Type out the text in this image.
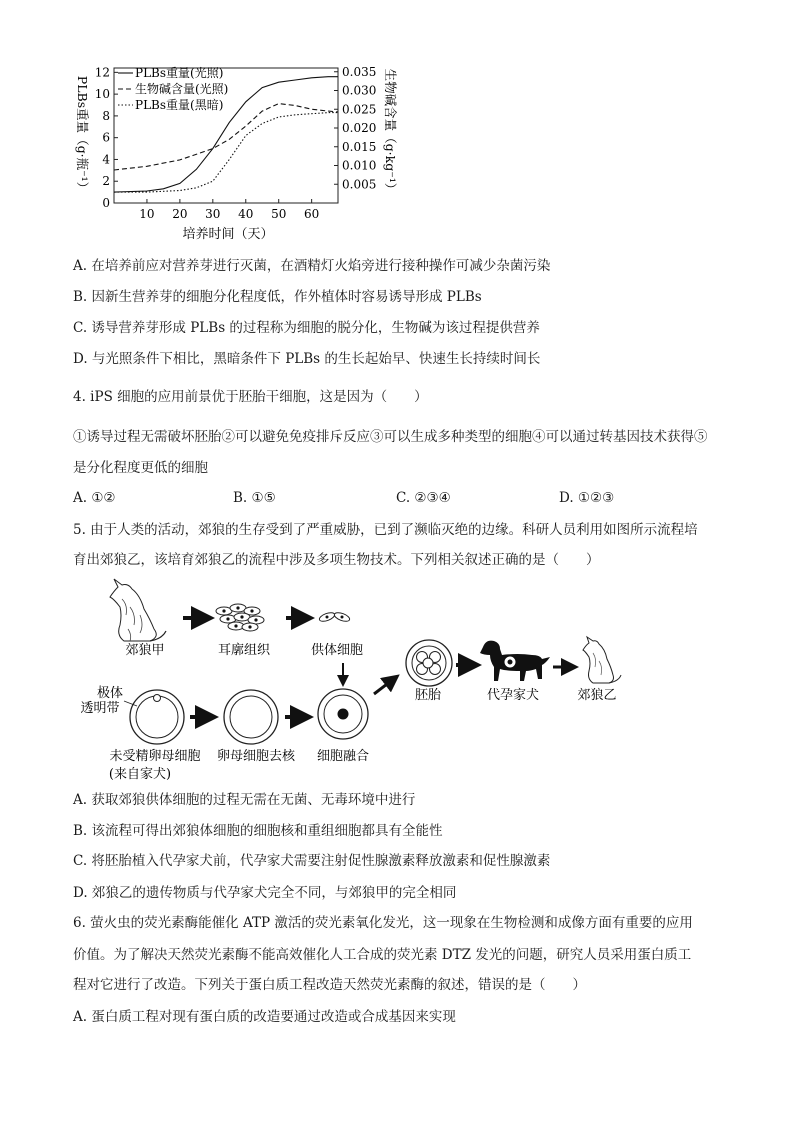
10 20 30 40 50 60
0
2
4
6
8
10
12
0.005
0.010
0.015
0.020
0.025
0.030
0.035
PLBs重量(光照)
生物碱含量(光照)
PLBs重量(黑暗)
培养时间（天）
PLBs重量（g·瓶⁻¹）	生物碱含量（g·kg⁻¹）
A. 在培养前应对营养芽进行灭菌，在酒精灯火焰旁进行接种操作可减少杂菌污染
B. 因新生营养芽的细胞分化程度低，作外植体时容易诱导形成 PLBs
C. 诱导营养芽形成 PLBs 的过程称为细胞的脱分化，生物碱为该过程提供营养
D. 与光照条件下相比，黑暗条件下 PLBs 的生长起始早、快速生长持续时间长
4. iPS 细胞的应用前景优于胚胎干细胞，这是因为（　　）
①诱导过程无需破坏胚胎②可以避免免疫排斥反应③可以生成多种类型的细胞④可以通过转基因技术获得⑤
是分化程度更低的细胞
A. ①②	B. ①⑤	C. ②③④	D. ①②③
5. 由于人类的活动，郊狼的生存受到了严重威胁，已到了濒临灭绝的边缘。科研人员利用如图所示流程培
育出郊狼乙，该培育郊狼乙的流程中涉及多项生物技术。下列相关叙述正确的是（　　）
郊狼甲	耳廓组织	供体细胞
极体
透明带
未受精卵母细胞
(来自家犬)
卵母细胞去核 细胞融合
胚胎	代孕家犬	郊狼乙
A. 获取郊狼供体细胞的过程无需在无菌、无毒环境中进行
B. 该流程可得出郊狼体细胞的细胞核和重组细胞都具有全能性
C. 将胚胎植入代孕家犬前，代孕家犬需要注射促性腺激素释放激素和促性腺激素
D. 郊狼乙的遗传物质与代孕家犬完全不同，与郊狼甲的完全相同
6. 萤火虫的荧光素酶能催化 ATP 激活的荧光素氧化发光，这一现象在生物检测和成像方面有重要的应用
价值。为了解决天然荧光素酶不能高效催化人工合成的荧光素 DTZ 发光的问题，研究人员采用蛋白质工
程对它进行了改造。下列关于蛋白质工程改造天然荧光素酶的叙述，错误的是（　　）
A. 蛋白质工程对现有蛋白质的改造要通过改造或合成基因来实现
